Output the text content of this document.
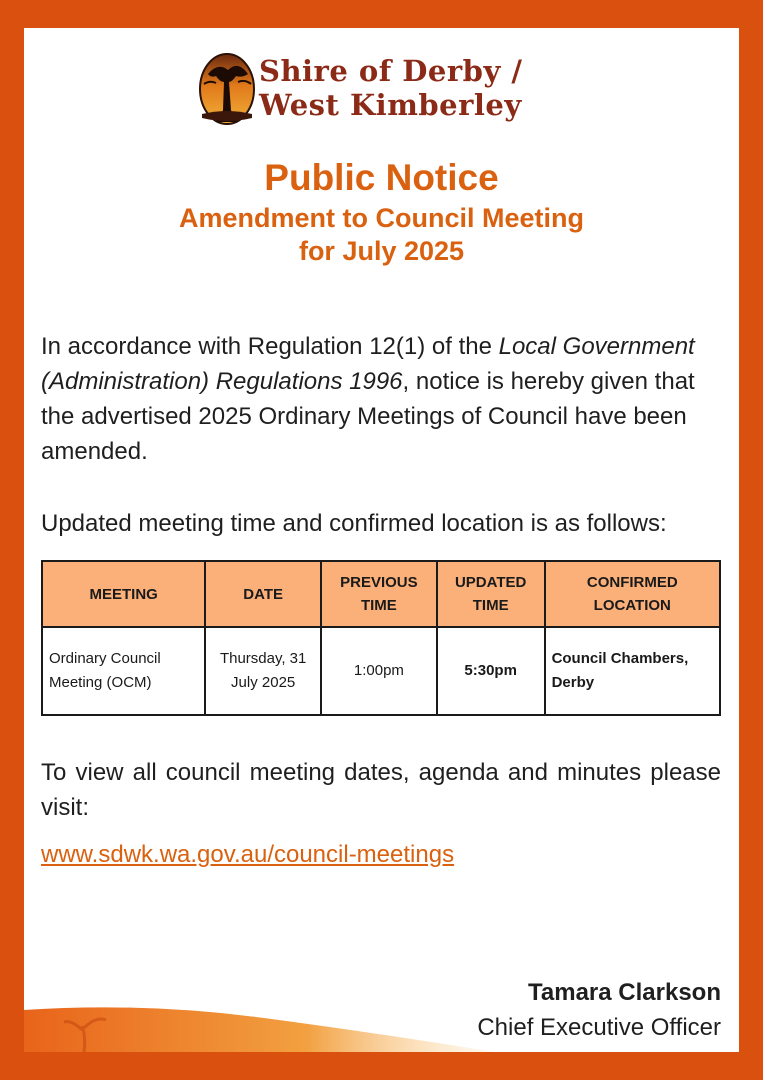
Shire of Derby /
West Kimberley
Public Notice
Amendment to Council Meeting
for July 2025
In accordance with Regulation 12(1) of the Local Government (Administration) Regulations 1996, notice is hereby given that the advertised 2025 Ordinary Meetings of Council have been amended.
Updated meeting time and confirmed location is as follows:
MEETING	DATE	PREVIOUS TIME	UPDATED TIME	CONFIRMED LOCATION
Ordinary Council Meeting (OCM)	Thursday, 31 July 2025	1:00pm	5:30pm	Council Chambers, Derby
To view all council meeting dates, agenda and minutes please visit:
www.sdwk.wa.gov.au/council-meetings
Tamara Clarkson
Chief Executive Officer
